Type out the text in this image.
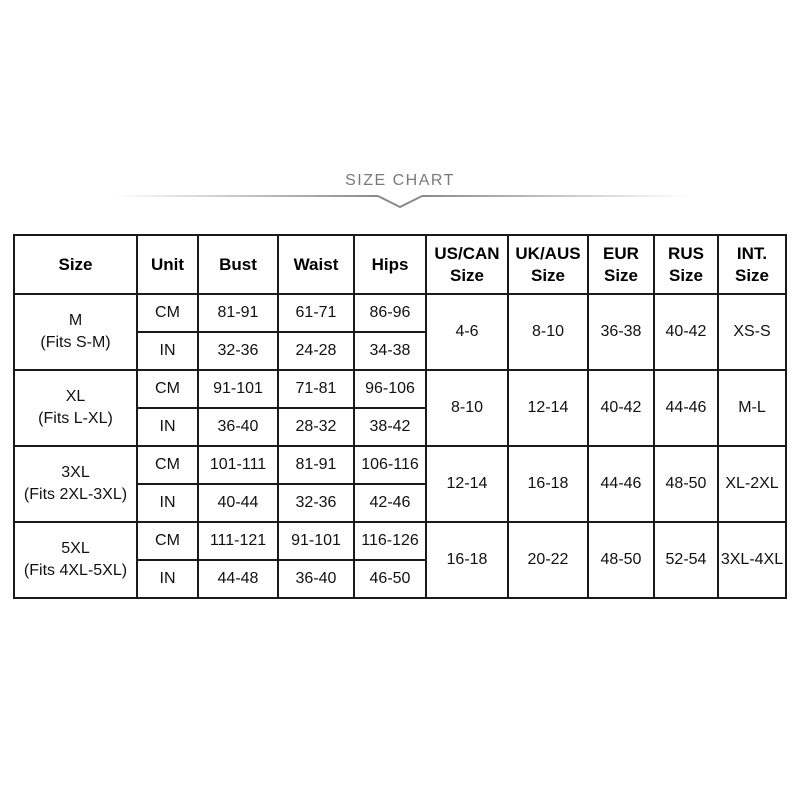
SIZE CHART
Size	Unit	Bust	Waist	Hips	US/CAN Size	UK/AUS Size	EUR Size	RUS Size	INT. Size

M
(Fits S-M)	CM	81-91	61-71	86-96	4-6	8-10	36-38	40-42	XS-S
	IN	32-36	24-28	34-38					

XL
(Fits L-XL)	CM	91-101	71-81	96-106	8-10	12-14	40-42	44-46	M-L
	IN	36-40	28-32	38-42					

3XL
(Fits 2XL-3XL)	CM	101-111	81-91	106-116	12-14	16-18	44-46	48-50	XL-2XL
	IN	40-44	32-36	42-46					

5XL
(Fits 4XL-5XL)	CM	111-121	91-101	116-126	16-18	20-22	48-50	52-54	3XL-4XL
	IN	44-48	36-40	46-50					
